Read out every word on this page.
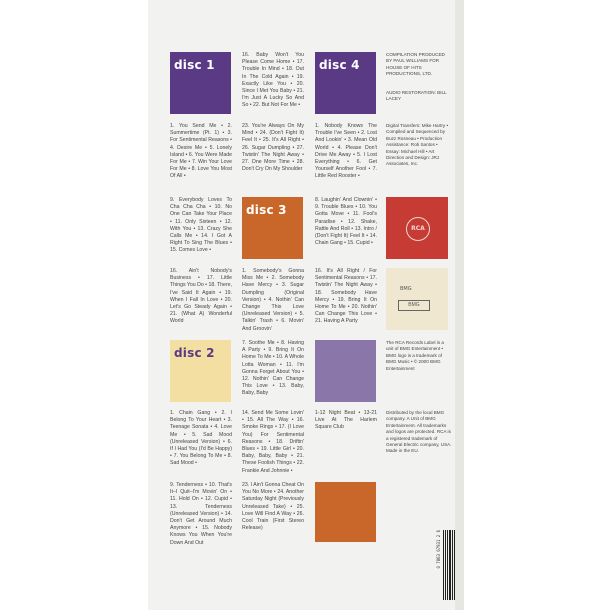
disc 1
1. You Send Me • 2. Summertime (Pt. 1) • 3. For Sentimental Reasons • 4. Desire Me • 5. Lonely Island • 6. You Were Made For Me • 7. Win Your Love For Me • 8. Love You Most Of All •
9. Everybody Loves To Cha Cha Cha • 10. No One Can Take Your Place • 11. Only Sixteen • 12. With You • 13. Crazy She Calls Me • 14. I Got A Right To Sing The Blues • 15. Comes Love •
16. Ain't Nobody's Business • 17. Little Things You Do • 18. There, I've Said It Again • 19. When I Fall In Love • 20. Let's Go Steady Again • 21. (What A) Wonderful World
disc 2
1. Chain Gang • 2. I Belong To Your Heart • 3. Teenage Sonata • 4. Love Me • 5. Sad Mood (Unreleased Version) • 6. If I Had You (I'd Be Happy) • 7. You Belong To Me • 8. Sad Mood •
9. Tenderness • 10. That's It–I Quit–I'm Movin' On • 11. Hold On • 12. Cupid • 13. Tenderness (Unreleased Version) • 14. Don't Get Around Much Anymore • 15. Nobody Knows You When You're Down And Out
16. Baby Won't You Please Come Home • 17. Trouble In Mind • 18. Out In The Cold Again • 19. Exactly Like You • 20. Since I Met You Baby • 21. I'm Just A Lucky So And So • 22. But Not For Me •
23. You're Always On My Mind • 24. (Don't Fight It) Feel It • 25. It's All Right • 26. Sugar Dumpling • 27. Twistin' The Night Away • 27. One More Time • 28. Don't Cry On My Shoulder
disc 3
1. Somebody's Gonna Miss Me • 2. Somebody Have Mercy • 3. Sugar Dumpling (Original Version) • 4. Nothin' Can Change This Love (Unreleased Version) • 5. Talkin' Trash • 6. Movin' And Groovin'
7. Soothe Me • 8. Having A Party • 9. Bring It On Home To Me • 10. A Whole Lotta Woman • 11. I'm Gonna Forget About You • 12. Nothin' Can Change This Love • 13. Baby, Baby, Baby
14. Send Me Some Lovin' • 15. All The Way • 16. Smoke Rings • 17. (I Love You) For Sentimental Reasons • 18. Driftin' Blues • 19. Little Girl • 20. Baby, Baby, Baby • 21. These Foolish Things • 22. Frankie And Johnnie •
23. I Ain't Gonna Cheat On You No More • 24. Another Saturday Night (Previously Unreleased Take) • 25. Love Will Find A Way • 26. Cool Train (First Stereo Release)
disc 4
1. Nobody Knows The Trouble I've Seen • 2. Lost And Lookin' • 3. Mean Old World • 4. Please Don't Drive Me Away • 5. I Lost Everything • 6. Get Yourself Another Fool • 7. Little Red Rooster •
8. Laughin' And Clownin' • 9. Trouble Blues • 10. You Gotta Move • 11. Fool's Paradise • 12. Shake, Rattle And Roll • 13. Intro / (Don't Fight It) Feel It • 14. Chain Gang • 15. Cupid •
16. It's All Right / For Sentimental Reasons • 17. Twistin' The Night Away • 18. Somebody Have Mercy • 19. Bring It On Home To Me • 20. Nothin' Can Change This Love • 21. Having A Party
1-12 Night Beat • 13-21 Live At The Harlem Square Club
COMPILATION PRODUCED BY PAUL WILLIAMS FOR HOUSE OF HITS PRODUCTIONS, LTD.
AUDIO RESTORATION: BILL LACEY
Digital Transfers: Mike Hartry • Compiled and Sequenced by Buzz Rosneau • Production Assistance: Rob Santos • Essay: Michael Hill • Art Direction and Design: JRJ Associates, Inc.
RCA
BMG
BMG
The RCA Records Label is a unit of BMG Entertainment • BMG logo is a trademark of BMG Music • © 2000 BMG Entertainment
Distributed by the local BMG company. A Unit of BMG Entertainment. All trademarks and logos are protected. RCA is a registered trademark of General Electric company, USA. Made in the EU.
0 7863 67931 2 6
